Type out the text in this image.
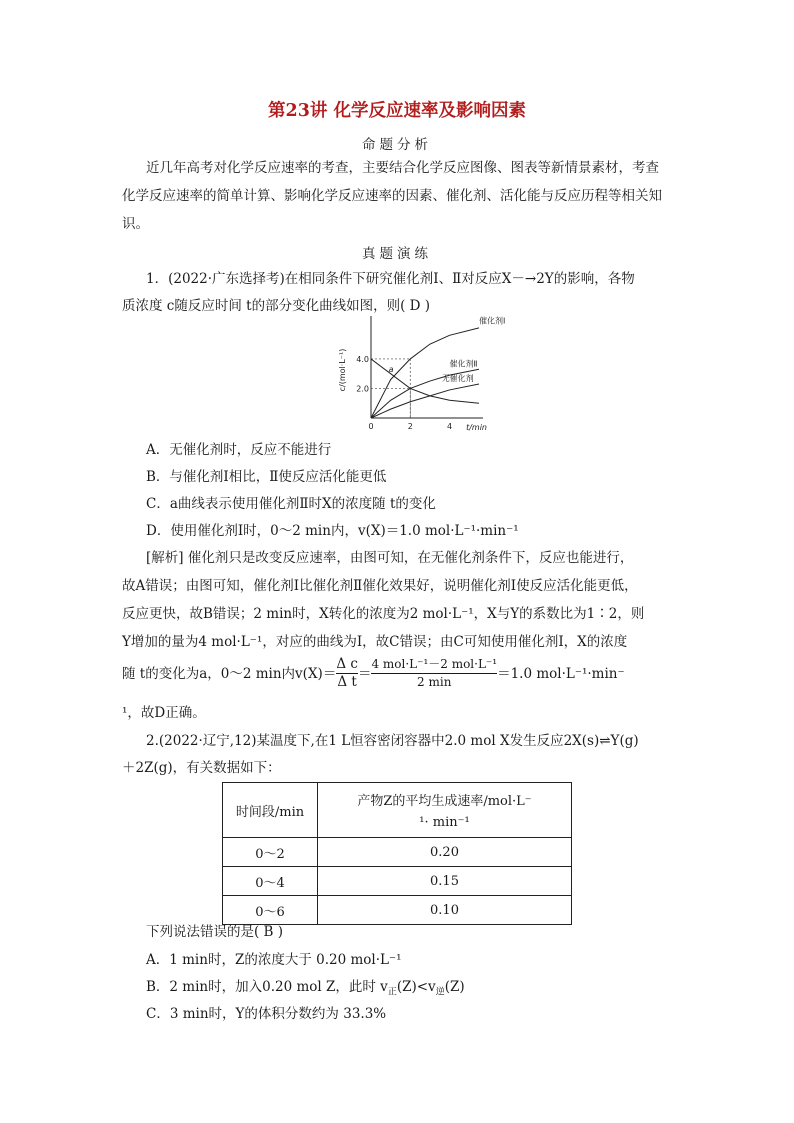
第23讲 化学反应速率及影响因素
命题分析
近几年高考对化学反应速率的考查，主要结合化学反应图像、图表等新情景素材，考查
化学反应速率的简单计算、影响化学反应速率的因素、催化剂、活化能与反应历程等相关知
识。
真题演练
1．(2022·广东选择考)在相同条件下研究催化剂Ⅰ、Ⅱ对反应X－→2Y的影响，各物
质浓度 c随反应时间 t的部分变化曲线如图，则( D )
0	2	4
2.0
4.0
t/min
c/(mol·L⁻¹)
催化剂Ⅰ
催化剂Ⅱ
无催化剂
a
A．无催化剂时，反应不能进行
B．与催化剂Ⅰ相比，Ⅱ使反应活化能更低
C．a曲线表示使用催化剂Ⅱ时X的浓度随 t的变化
D．使用催化剂Ⅰ时，0～2 min内，v(X)＝1.0 mol·L⁻¹·min⁻¹
[解析] 催化剂只是改变反应速率，由图可知，在无催化剂条件下，反应也能进行，
故A错误；由图可知，催化剂Ⅰ比催化剂Ⅱ催化效果好，说明催化剂Ⅰ使反应活化能更低，
反应更快，故B错误；2 min时，X转化的浓度为2 mol·L⁻¹，X与Y的系数比为1∶2，则
Y增加的量为4 mol·L⁻¹，对应的曲线为Ⅰ，故C错误；由C可知使用催化剂Ⅰ，X的浓度
随 t的变化为a，0～2 min内$v(X)= \frac{\text{Δ c}}{\text{Δ t}} = \frac{\text{4 mol·L⁻¹－2 mol·L⁻¹}}{2 \min} =1.0$ mol·L⁻¹·min⁻
¹，故D正确。
2.(2022·辽宁,12)某温度下,在1 L恒容密闭容器中2.0 mol X发生反应2X(s)⇌Y(g)
＋2Z(g)，有关数据如下：
时间段/min	产物Z的平均生成速率/mol·L⁻
¹· min⁻¹

0～2	0.20
0～4	0.15
0～6	0.10
下列说法错误的是( B )
A．1 min时，Z的浓度大于 0.20 mol·L⁻¹
B．2 min时，加入0.20 mol Z，此时 $v_正(Z)<v_逆(Z)$
C．3 min时，Y的体积分数约为 33.3%
